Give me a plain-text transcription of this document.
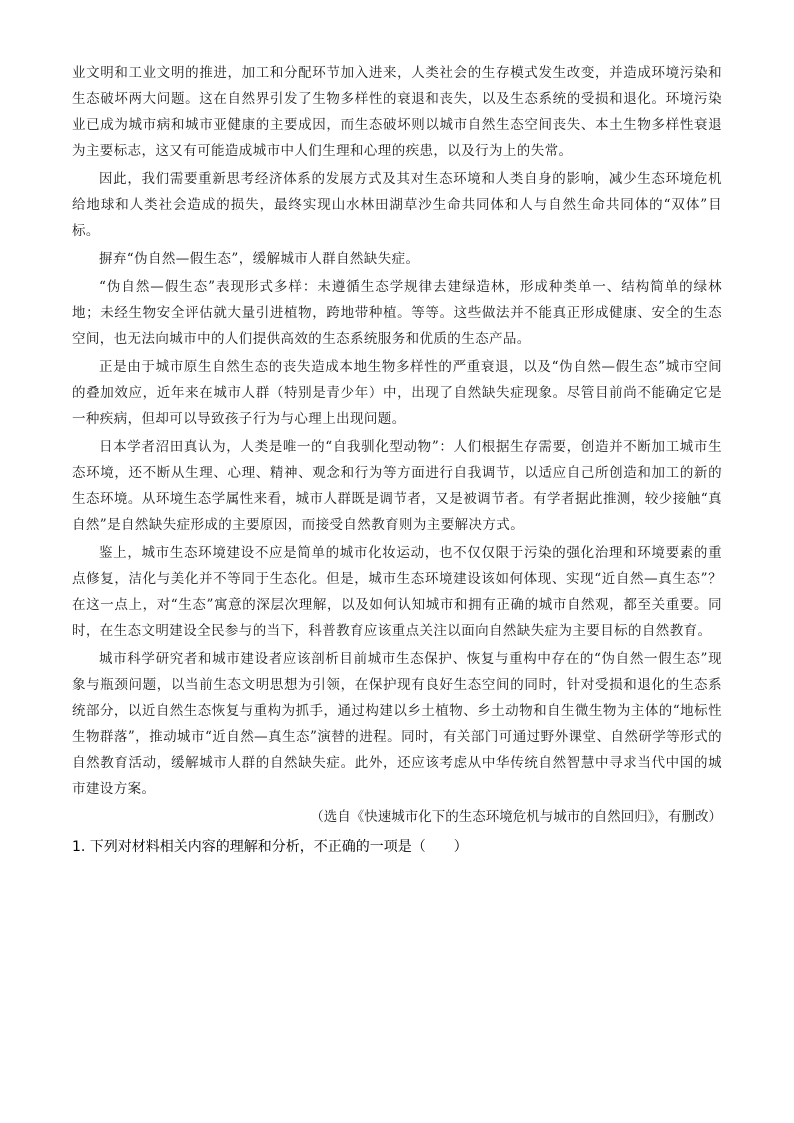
业文明和工业文明的推进，加工和分配环节加入进来，人类社会的生存模式发生改变，并造成环境污染和生态破坏两大问题。这在自然界引发了生物多样性的衰退和丧失，以及生态系统的受损和退化。环境污染业已成为城市病和城市亚健康的主要成因，而生态破坏则以城市自然生态空间丧失、本土生物多样性衰退为主要标志，这又有可能造成城市中人们生理和心理的疾患，以及行为上的失常。

因此，我们需要重新思考经济体系的发展方式及其对生态环境和人类自身的影响，减少生态环境危机给地球和人类社会造成的损失，最终实现山水林田湖草沙生命共同体和人与自然生命共同体的“双体”目标。

摒弃“伪自然—假生态”，缓解城市人群自然缺失症。

“伪自然—假生态”表现形式多样：未遵循生态学规律去建绿造林，形成种类单一、结构简单的绿林地；未经生物安全评估就大量引进植物，跨地带种植。等等。这些做法并不能真正形成健康、安全的生态空间，也无法向城市中的人们提供高效的生态系统服务和优质的生态产品。

正是由于城市原生自然生态的丧失造成本地生物多样性的严重衰退，以及“伪自然—假生态”城市空间的叠加效应，近年来在城市人群（特别是青少年）中，出现了自然缺失症现象。尽管目前尚不能确定它是一种疾病，但却可以导致孩子行为与心理上出现问题。

日本学者沼田真认为，人类是唯一的“自我驯化型动物”：人们根据生存需要，创造并不断加工城市生态环境，还不断从生理、心理、精神、观念和行为等方面进行自我调节，以适应自己所创造和加工的新的生态环境。从环境生态学属性来看，城市人群既是调节者，又是被调节者。有学者据此推测，较少接触“真自然”是自然缺失症形成的主要原因，而接受自然教育则为主要解决方式。

鉴上，城市生态环境建设不应是简单的城市化妆运动，也不仅仅限于污染的强化治理和环境要素的重点修复，洁化与美化并不等同于生态化。但是，城市生态环境建设该如何体现、实现“近自然—真生态”？在这一点上，对“生态”寓意的深层次理解，以及如何认知城市和拥有正确的城市自然观，都至关重要。同时，在生态文明建设全民参与的当下，科普教育应该重点关注以面向自然缺失症为主要目标的自然教育。

城市科学研究者和城市建设者应该剖析目前城市生态保护、恢复与重构中存在的“伪自然一假生态”现象与瓶颈问题，以当前生态文明思想为引领，在保护现有良好生态空间的同时，针对受损和退化的生态系统部分，以近自然生态恢复与重构为抓手，通过构建以乡土植物、乡土动物和自生微生物为主体的“地标性生物群落”，推动城市“近自然—真生态”演替的进程。同时，有关部门可通过野外课堂、自然研学等形式的自然教育活动，缓解城市人群的自然缺失症。此外，还应该考虑从中华传统自然智慧中寻求当代中国的城市建设方案。

（选自《快速城市化下的生态环境危机与城市的自然回归》，有删改）

1. 下列对材料相关内容的理解和分析，不正确的一项是（　　）
